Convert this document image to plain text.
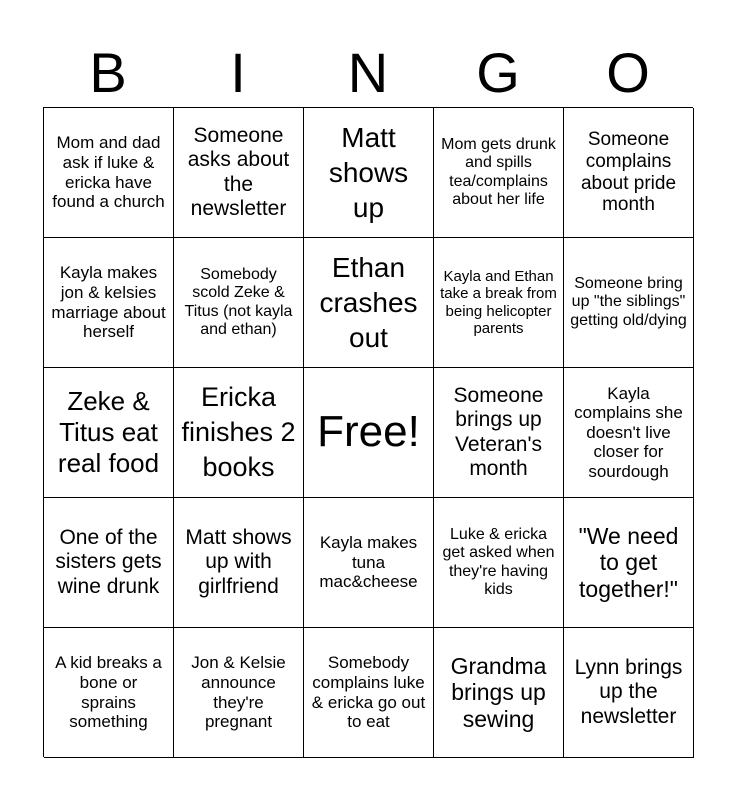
B	I	N	G	O
Mom and dad ask if luke & ericka have found a church
Someone asks about the newsletter
Matt shows up
Mom gets drunk and spills tea/complains about her life
Someone complains about pride month
Kayla makes jon & kelsies marriage about herself
Somebody scold Zeke & Titus (not kayla and ethan)
Ethan crashes out
Kayla and Ethan take a break from being helicopter parents
Someone bring up "the siblings" getting old/dying
Zeke & Titus eat real food
Ericka finishes 2 books
Free!
Someone brings up Veteran's month
Kayla complains she doesn't live closer for sourdough
One of the sisters gets wine drunk
Matt shows up with girlfriend
Kayla makes tuna mac&cheese
Luke & ericka get asked when they're having kids
"We need to get together!"
A kid breaks a bone or sprains something
Jon & Kelsie announce they're pregnant
Somebody complains luke & ericka go out to eat
Grandma brings up sewing
Lynn brings up the newsletter
